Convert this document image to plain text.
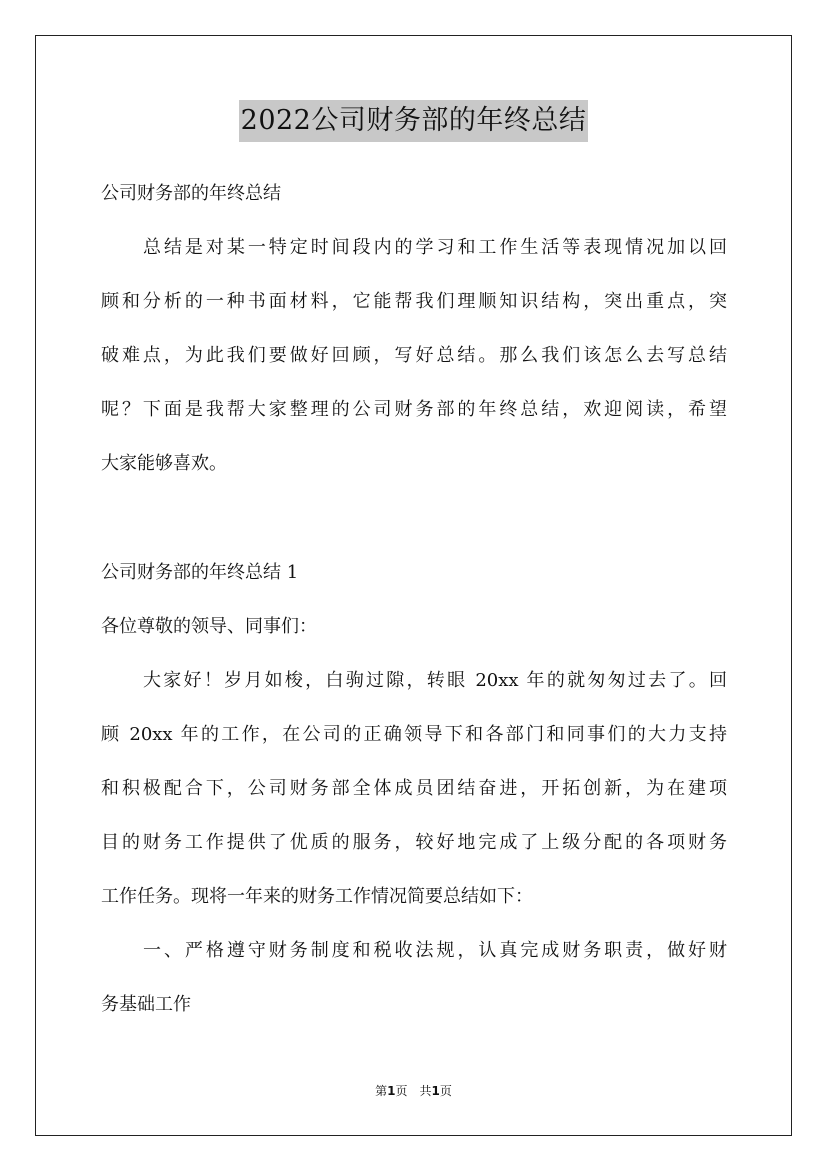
2022公司财务部的年终总结
公司财务部的年终总结
总结是对某一特定时间段内的学习和工作生活等表现情况加以回
顾和分析的一种书面材料，它能帮我们理顺知识结构，突出重点，突
破难点，为此我们要做好回顾，写好总结。那么我们该怎么去写总结
呢？下面是我帮大家整理的公司财务部的年终总结，欢迎阅读，希望
大家能够喜欢。
公司财务部的年终总结 1
各位尊敬的领导、同事们：
大家好！岁月如梭，白驹过隙，转眼 20xx 年的就匆匆过去了。回
顾 20xx 年的工作，在公司的正确领导下和各部门和同事们的大力支持
和积极配合下，公司财务部全体成员团结奋进，开拓创新，为在建项
目的财务工作提供了优质的服务，较好地完成了上级分配的各项财务
工作任务。现将一年来的财务工作情况简要总结如下：
一、严格遵守财务制度和税收法规，认真完成财务职责，做好财
务基础工作
第1页 共1页
